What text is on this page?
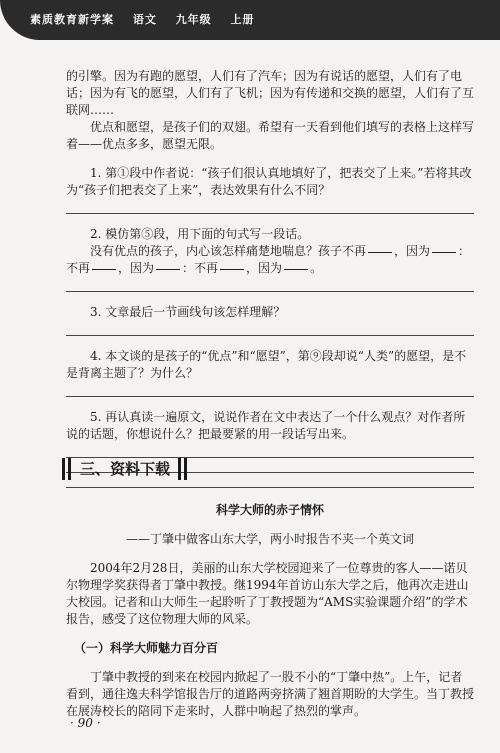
素质教育新学案 语文 九年级 上册

的引擎。因为有跑的愿望，人们有了汽车；因为有说话的愿望，人们有了电话；因为有飞的愿望，人们有了飞机；因为有传递和交换的愿望，人们有了互联网……

优点和愿望，是孩子们的双翅。希望有一天看到他们填写的表格上这样写着——优点多多，愿望无限。

1. 第①段中作者说：“孩子们很认真地填好了，把表交了上来。”若将其改为“孩子们把表交了上来”，表达效果有什么不同？

2. 模仿第⑤段，用下面的句式写一段话。

没有优点的孩子，内心该怎样痛楚地喘息？孩子不再 ，因为 ：不再 ，因为 ：不再 ，因为 。

3. 文章最后一节画线句该怎样理解？

4. 本文谈的是孩子的“优点”和“愿望”，第⑨段却说“人类”的愿望，是不是背离主题了？为什么？

5. 再认真读一遍原文，说说作者在文中表达了一个什么观点？对作者所说的话题，你想说什么？把最要紧的用一段话写出来。

三、资料下载

科学大师的赤子情怀

——丁肇中做客山东大学，两小时报告不夹一个英文词

2004年2月28日，美丽的山东大学校园迎来了一位尊贵的客人——诺贝尔物理学奖获得者丁肇中教授。继1994年首访山东大学之后，他再次走进山大校园。记者和山大师生一起聆听了丁教授题为“AMS实验课题介绍”的学术报告，感受了这位物理大师的风采。

（一）科学大师魅力百分百

丁肇中教授的到来在校园内掀起了一股不小的“丁肇中热”。上午，记者看到，通往逸夫科学馆报告厅的道路两旁挤满了翘首期盼的大学生。当丁教授在展涛校长的陪同下走来时，人群中响起了热烈的掌声。

· 90 ·
